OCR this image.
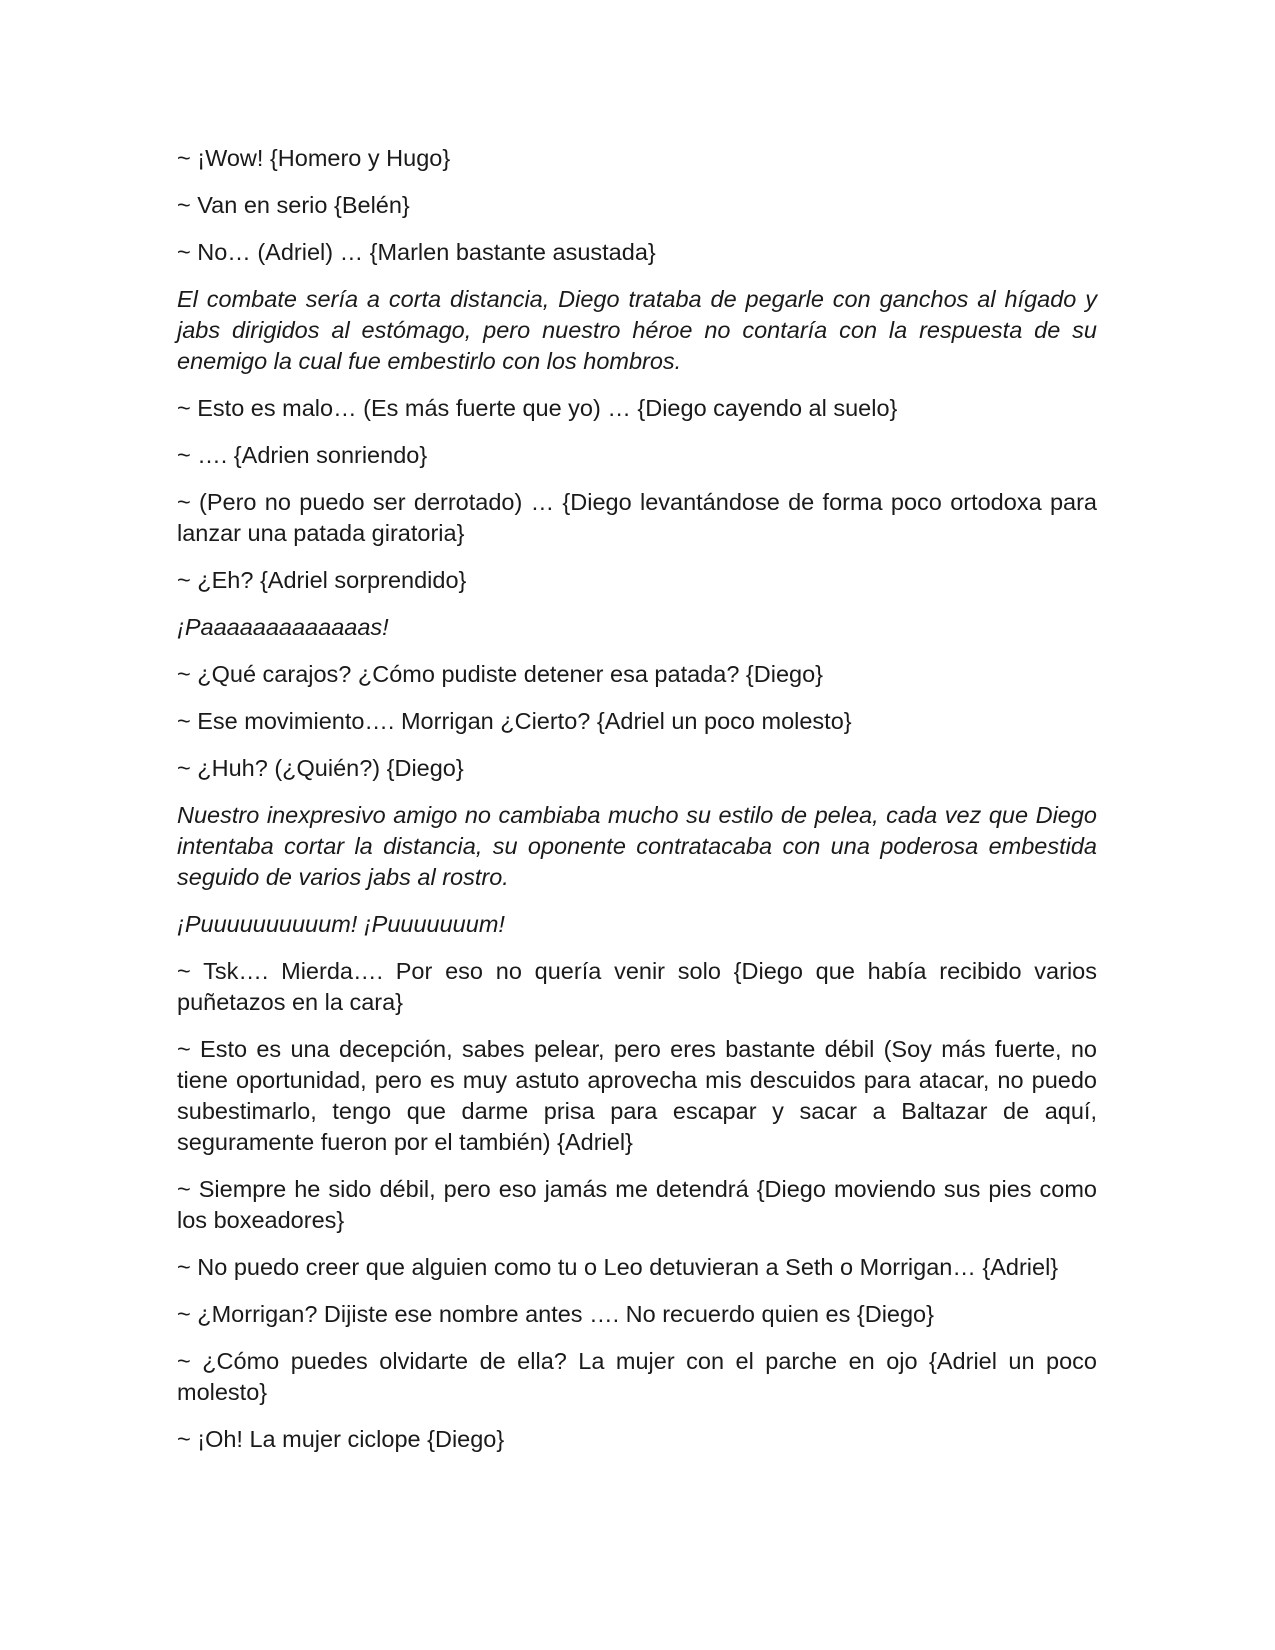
~ ¡Wow! {Homero y Hugo}

~ Van en serio {Belén}

~ No… (Adriel) … {Marlen bastante asustada}

El combate sería a corta distancia, Diego trataba de pegarle con ganchos al hígado y jabs dirigidos al estómago, pero nuestro héroe no contaría con la respuesta de su enemigo la cual fue embestirlo con los hombros.

~ Esto es malo… (Es más fuerte que yo) … {Diego cayendo al suelo}

~ …. {Adrien sonriendo}

~ (Pero no puedo ser derrotado) … {Diego levantándose de forma poco ortodoxa para lanzar una patada giratoria}

~ ¿Eh? {Adriel sorprendido}

¡Paaaaaaaaaaaaas!

~ ¿Qué carajos? ¿Cómo pudiste detener esa patada? {Diego}

~ Ese movimiento…. Morrigan ¿Cierto? {Adriel un poco molesto}

~ ¿Huh? (¿Quién?) {Diego}

Nuestro inexpresivo amigo no cambiaba mucho su estilo de pelea, cada vez que Diego intentaba cortar la distancia, su oponente contratacaba con una poderosa embestida seguido de varios jabs al rostro.

¡Puuuuuuuuuum! ¡Puuuuuuum!

~ Tsk…. Mierda…. Por eso no quería venir solo {Diego que había recibido varios puñetazos en la cara}

~ Esto es una decepción, sabes pelear, pero eres bastante débil (Soy más fuerte, no tiene oportunidad, pero es muy astuto aprovecha mis descuidos para atacar, no puedo subestimarlo, tengo que darme prisa para escapar y sacar a Baltazar de aquí, seguramente fueron por el también) {Adriel}

~ Siempre he sido débil, pero eso jamás me detendrá {Diego moviendo sus pies como los boxeadores}

~ No puedo creer que alguien como tu o Leo detuvieran a Seth o Morrigan… {Adriel}

~ ¿Morrigan? Dijiste ese nombre antes …. No recuerdo quien es {Diego}

~ ¿Cómo puedes olvidarte de ella? La mujer con el parche en ojo {Adriel un poco molesto}

~ ¡Oh! La mujer ciclope {Diego}
